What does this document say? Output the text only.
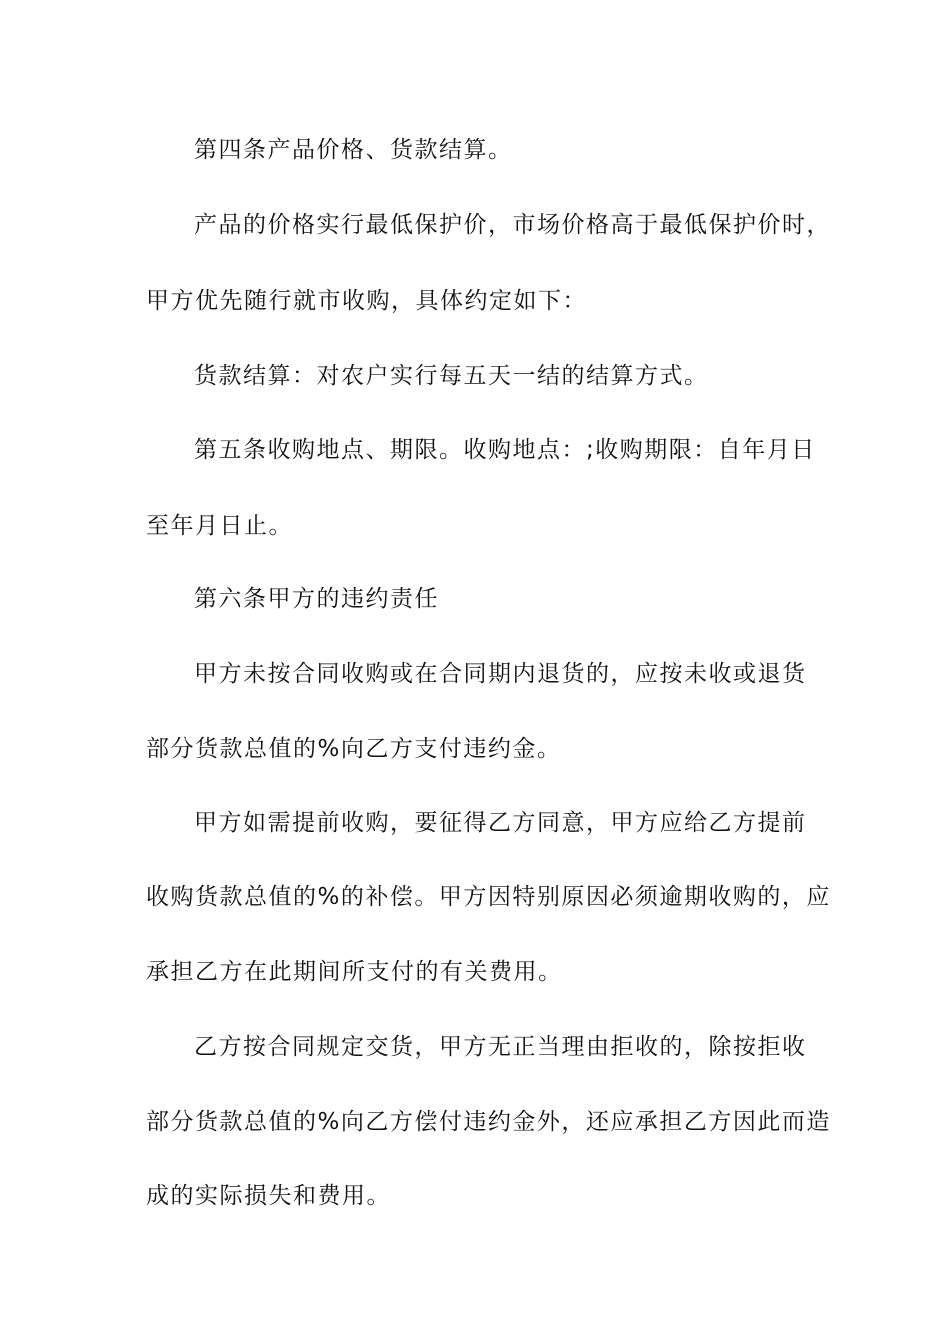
第四条产品价格、货款结算。
产品的价格实行最低保护价，市场价格高于最低保护价时，
甲方优先随行就市收购，具体约定如下：
货款结算：对农户实行每五天一结的结算方式。
第五条收购地点、期限。收购地点：;收购期限：自年月日
至年月日止。
第六条甲方的违约责任
甲方未按合同收购或在合同期内退货的，应按未收或退货
部分货款总值的%向乙方支付违约金。
甲方如需提前收购，要征得乙方同意，甲方应给乙方提前
收购货款总值的%的补偿。甲方因特别原因必须逾期收购的，应
承担乙方在此期间所支付的有关费用。
乙方按合同规定交货，甲方无正当理由拒收的，除按拒收
部分货款总值的%向乙方偿付违约金外，还应承担乙方因此而造
成的实际损失和费用。
